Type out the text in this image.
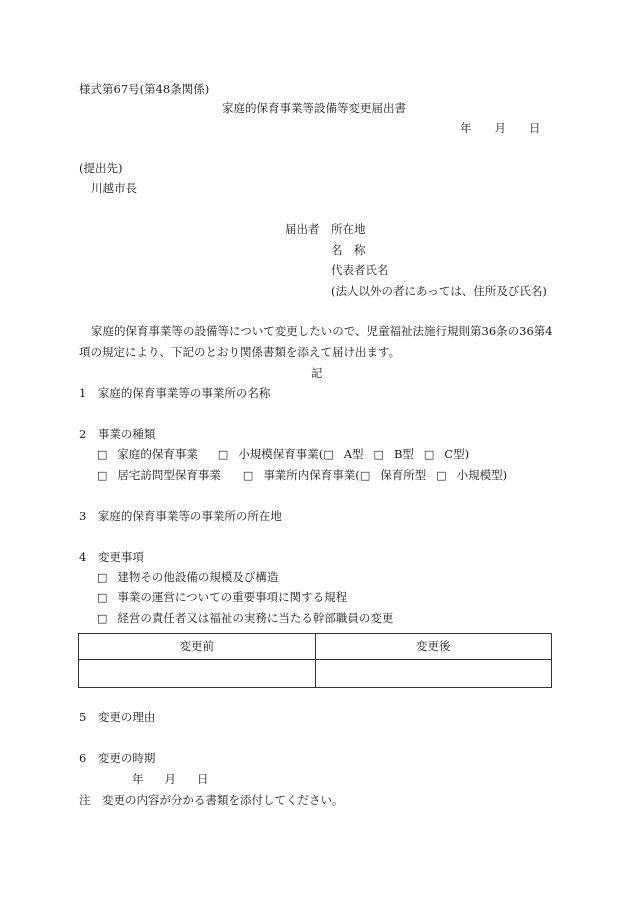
様式第67号(第48条関係)
家庭的保育事業等設備等変更届出書
年 月 日
(提出先)
川越市長
届出者 所在地
名　称
代表者氏名
(法人以外の者にあっては、住所及び氏名)
家庭的保育事業等の設備等について変更したいので、児童福祉法施行規則第36条の36第4
項の規定により、下記のとおり関係書類を添えて届け出ます。
記
1　家庭的保育事業等の事業所の名称
2　事業の種類
□ 家庭的保育事業 □ 小規模保育事業(□ A型 □ B型 □ C型)
□ 居宅訪問型保育事業 □ 事業所内保育事業(□ 保育所型 □ 小規模型)
3　家庭的保育事業等の事業所の所在地
4　変更事項
□ 建物その他設備の規模及び構造
□ 事業の運営についての重要事項に関する規程
□ 経営の責任者又は福祉の実務に当たる幹部職員の変更
変更前	変更後

5　変更の理由
6　変更の時期
年 月 日
注　変更の内容が分かる書類を添付してください。
